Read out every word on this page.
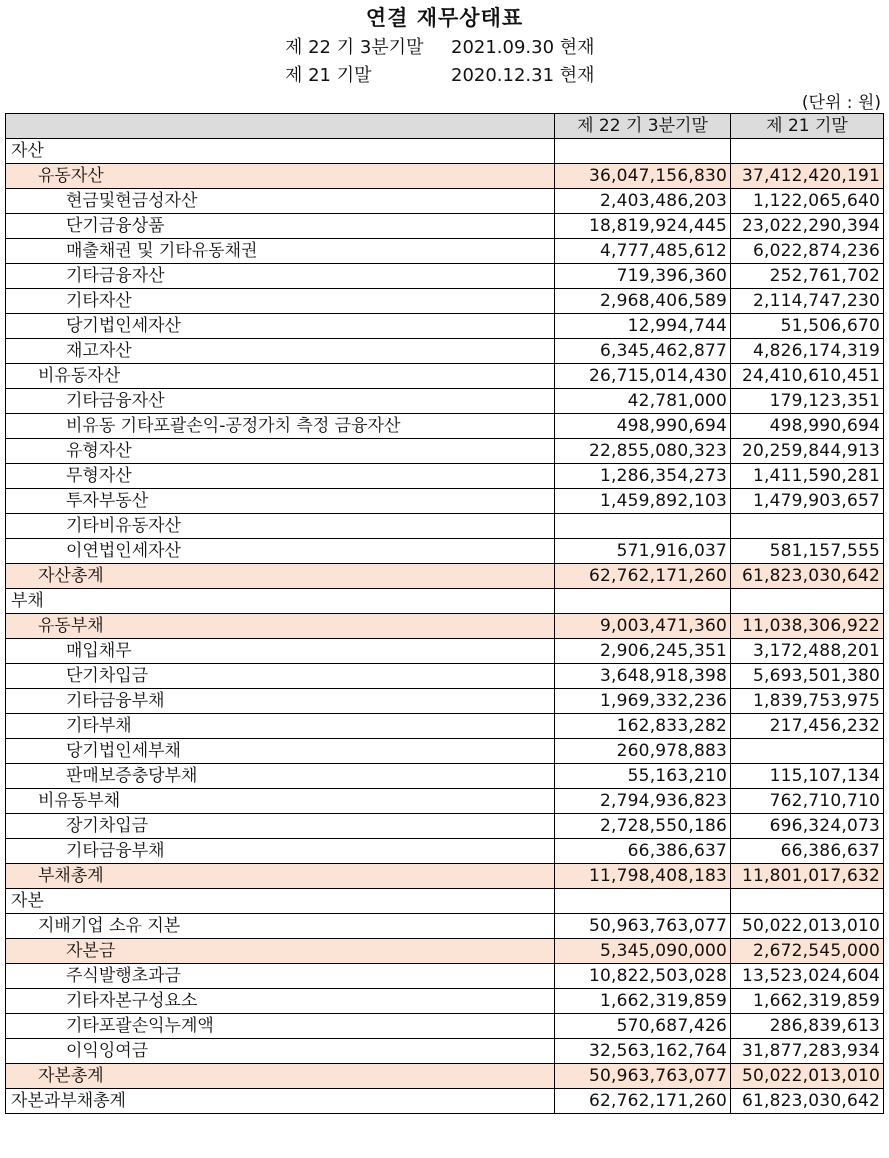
연결 재무상태표
제 22 기 3분기말 2021.09.30 현재
제 21 기말	2020.12.31 현재
(단위 : 원)
	제 22 기 3분기말	제 21 기말
자산		
유동자산	36,047,156,830	37,412,420,191
현금및현금성자산	2,403,486,203	1,122,065,640
단기금융상품	18,819,924,445	23,022,290,394
매출채권 및 기타유동채권	4,777,485,612	6,022,874,236
기타금융자산	719,396,360	252,761,702
기타자산	2,968,406,589	2,114,747,230
당기법인세자산	12,994,744	51,506,670
재고자산	6,345,462,877	4,826,174,319
비유동자산	26,715,014,430	24,410,610,451
기타금융자산	42,781,000	179,123,351
비유동 기타포괄손익-공정가치 측정 금융자산	498,990,694	498,990,694
유형자산	22,855,080,323	20,259,844,913
무형자산	1,286,354,273	1,411,590,281
투자부동산	1,459,892,103	1,479,903,657
기타비유동자산		
이연법인세자산	571,916,037	581,157,555
자산총계	62,762,171,260	61,823,030,642
부채		
유동부채	9,003,471,360	11,038,306,922
매입채무	2,906,245,351	3,172,488,201
단기차입금	3,648,918,398	5,693,501,380
기타금융부채	1,969,332,236	1,839,753,975
기타부채	162,833,282	217,456,232
당기법인세부채	260,978,883	
판매보증충당부채	55,163,210	115,107,134
비유동부채	2,794,936,823	762,710,710
장기차입금	2,728,550,186	696,324,073
기타금융부채	66,386,637	66,386,637
부채총계	11,798,408,183	11,801,017,632
자본		
지배기업 소유 지본	50,963,763,077	50,022,013,010
자본금	5,345,090,000	2,672,545,000
주식발행초과금	10,822,503,028	13,523,024,604
기타자본구성요소	1,662,319,859	1,662,319,859
기타포괄손익누계액	570,687,426	286,839,613
이익잉여금	32,563,162,764	31,877,283,934
자본총계	50,963,763,077	50,022,013,010
자본과부채총계	62,762,171,260	61,823,030,642
